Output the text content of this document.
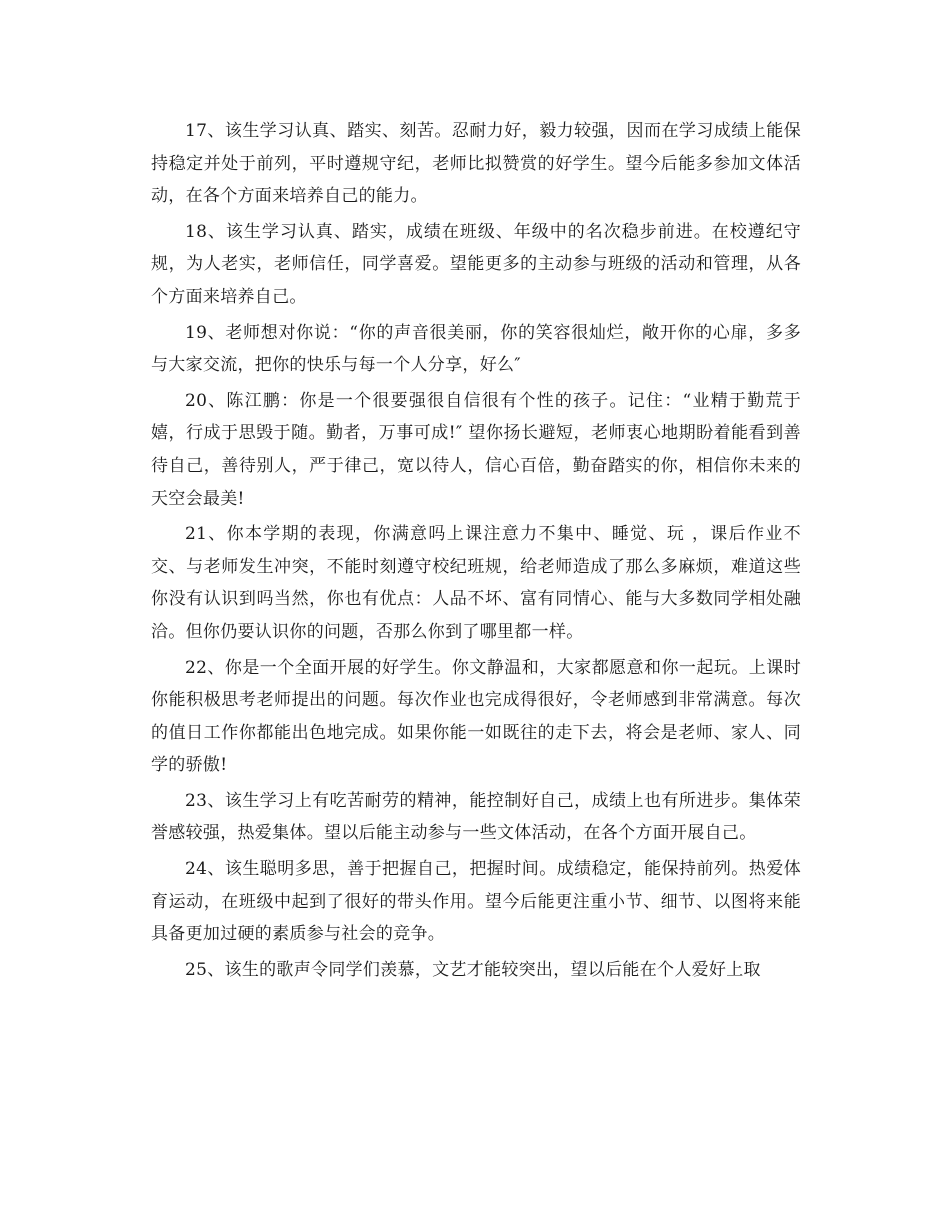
17、该生学习认真、踏实、刻苦。忍耐力好，毅力较强，因而在学习成绩上能保持稳定并处于前列，平时遵规守纪，老师比拟赞赏的好学生。望今后能多参加文体活动，在各个方面来培养自己的能力。

18、该生学习认真、踏实，成绩在班级、年级中的名次稳步前进。在校遵纪守规，为人老实，老师信任，同学喜爱。望能更多的主动参与班级的活动和管理，从各个方面来培养自己。

19、老师想对你说：“你的声音很美丽，你的笑容很灿烂，敞开你的心扉，多多与大家交流，把你的快乐与每一个人分享，好么″

20、陈江鹏：你是一个很要强很自信很有个性的孩子。记住：“业精于勤荒于嬉，行成于思毁于随。勤者，万事可成!″ 望你扬长避短，老师衷心地期盼着能看到善待自己，善待别人，严于律己，宽以待人，信心百倍，勤奋踏实的你，相信你未来的天空会最美!

21、你本学期的表现，你满意吗上课注意力不集中、睡觉、玩 ，课后作业不交、与老师发生冲突，不能时刻遵守校纪班规，给老师造成了那么多麻烦，难道这些你没有认识到吗当然，你也有优点：人品不坏、富有同情心、能与大多数同学相处融洽。但你仍要认识你的问题，否那么你到了哪里都一样。

22、你是一个全面开展的好学生。你文静温和，大家都愿意和你一起玩。上课时你能积极思考老师提出的问题。每次作业也完成得很好，令老师感到非常满意。每次的值日工作你都能出色地完成。如果你能一如既往的走下去，将会是老师、家人、同学的骄傲!

23、该生学习上有吃苦耐劳的精神，能控制好自己，成绩上也有所进步。集体荣誉感较强，热爱集体。望以后能主动参与一些文体活动，在各个方面开展自己。

24、该生聪明多思，善于把握自己，把握时间。成绩稳定，能保持前列。热爱体育运动，在班级中起到了很好的带头作用。望今后能更注重小节、细节、以图将来能具备更加过硬的素质参与社会的竞争。

25、该生的歌声令同学们羡慕，文艺才能较突出，望以后能在个人爱好上取
